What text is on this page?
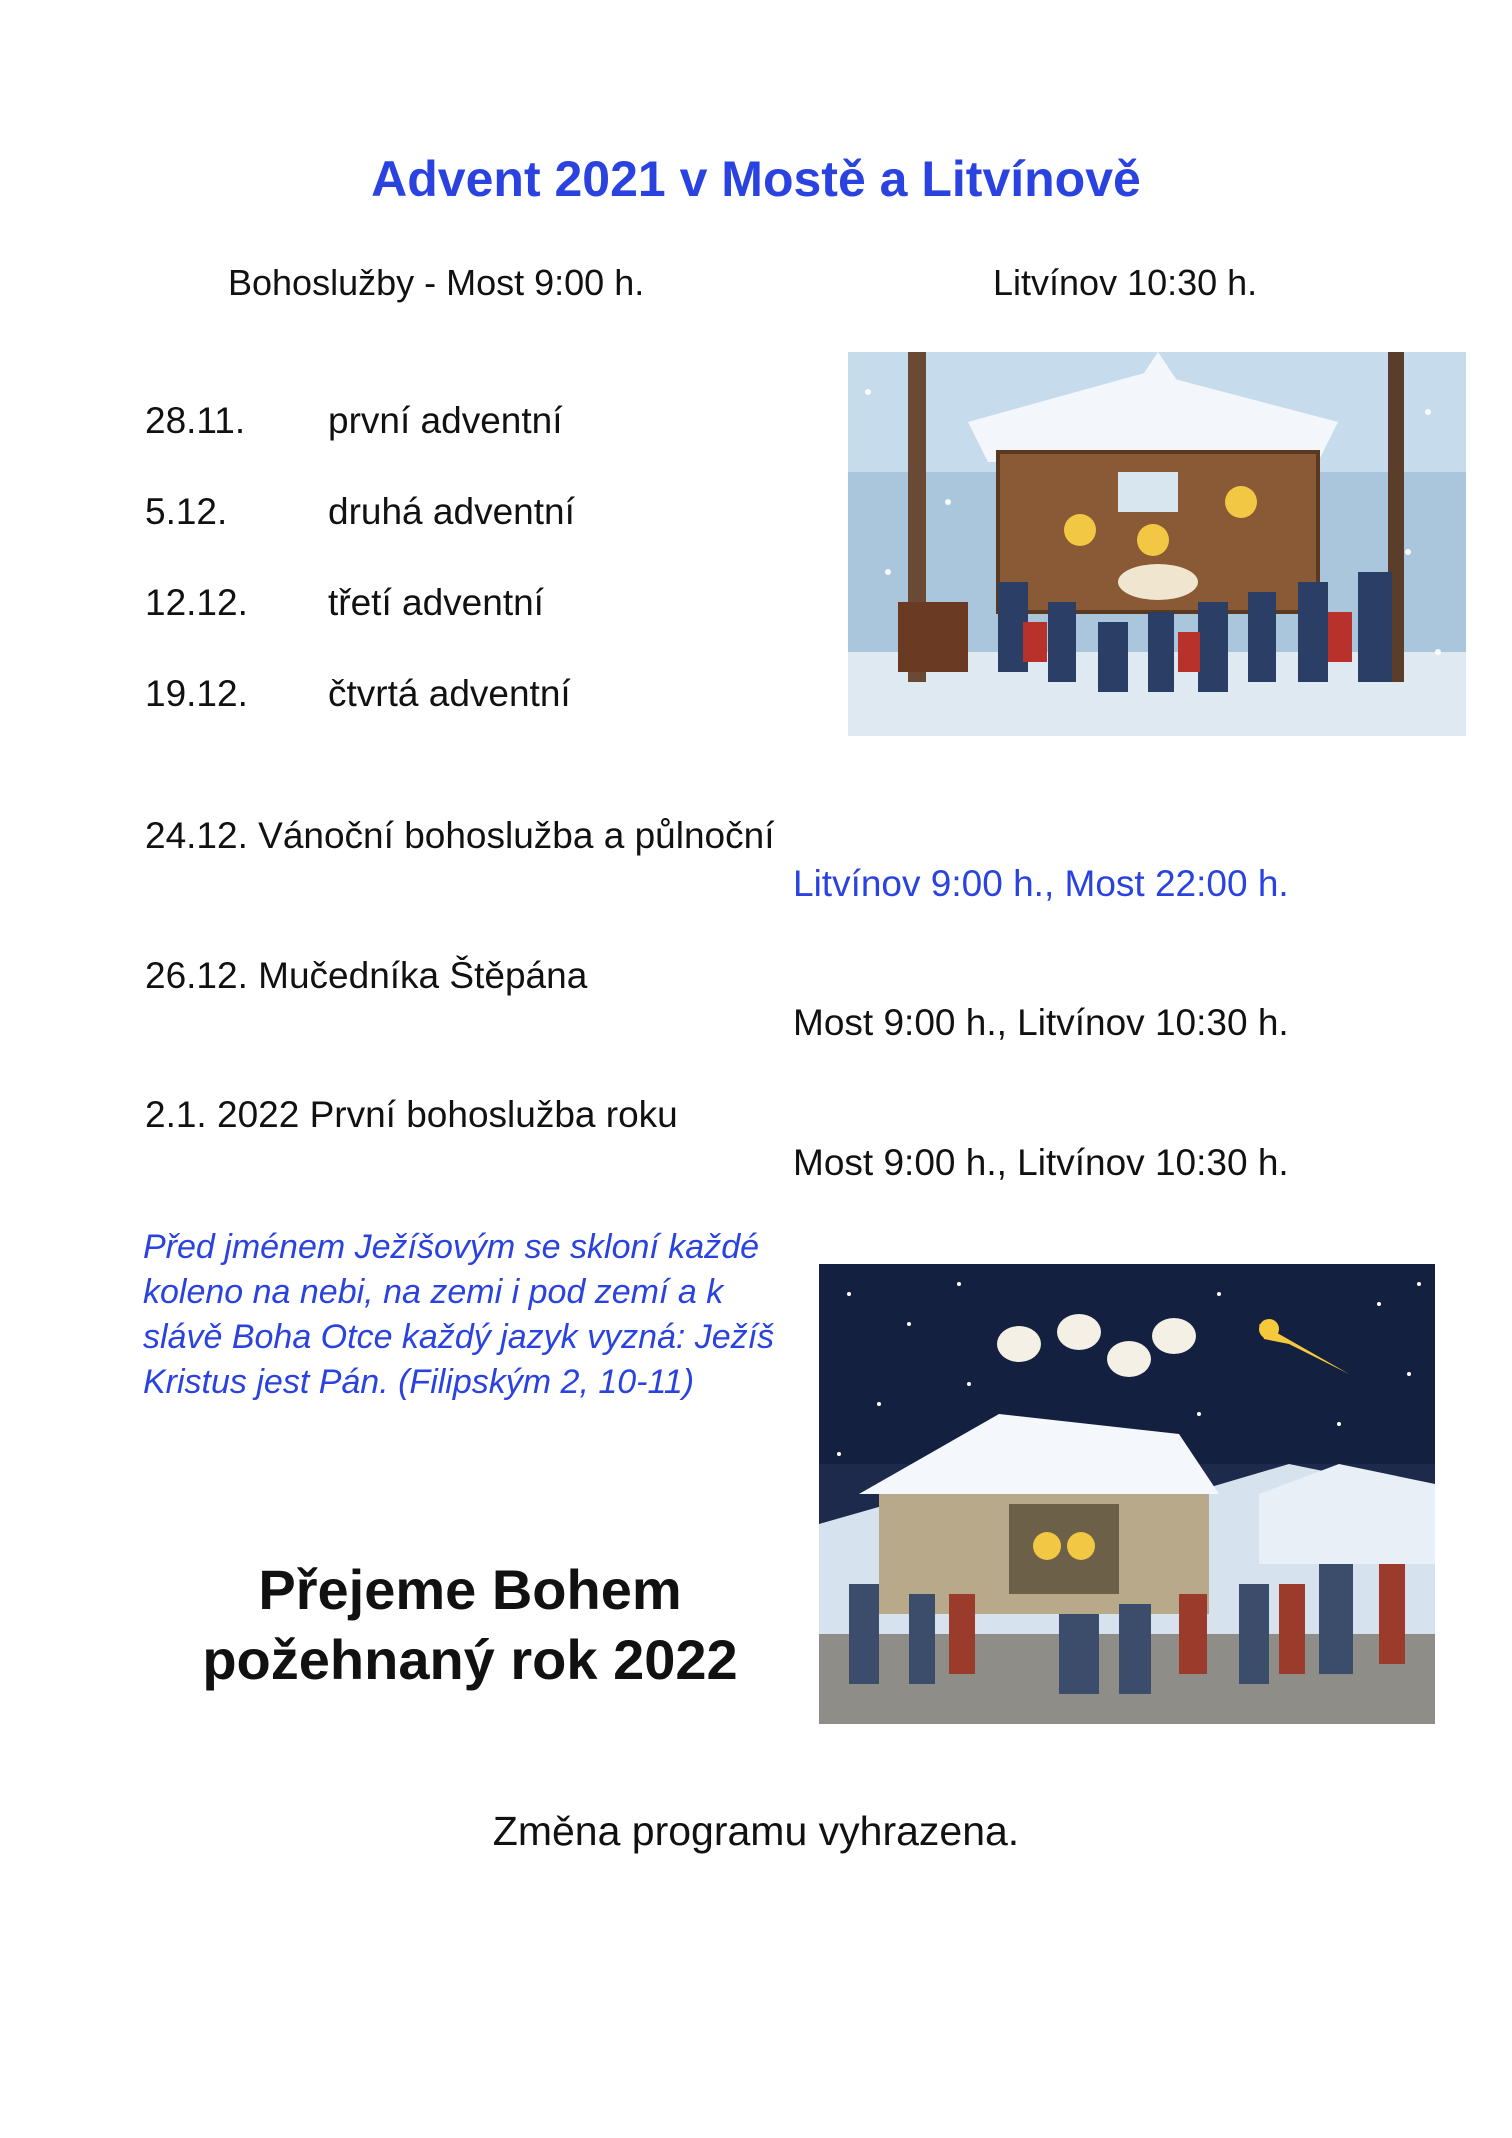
Advent 2021 v Mostě a Litvínově
Bohoslužby - Most 9:00 h.	Litvínov 10:30 h.
28.11. první adventní
5.12.	druhá adventní
12.12. třetí adventní
19.12. čtvrtá adventní
24.12. Vánoční bohoslužba a půlnoční
Litvínov 9:00 h., Most 22:00 h.
26.12. Mučedníka Štěpána
Most 9:00 h., Litvínov 10:30 h.
2.1. 2022 První bohoslužba roku
Most 9:00 h., Litvínov 10:30 h.
Před jménem Ježíšovým se skloní každé koleno na nebi, na zemi i pod zemí a k slávě Boha Otce každý jazyk vyzná: Ježíš Kristus jest Pán. (Filipským 2, 10-11)
Přejeme Bohem požehnaný rok 2022
Změna programu vyhrazena.
